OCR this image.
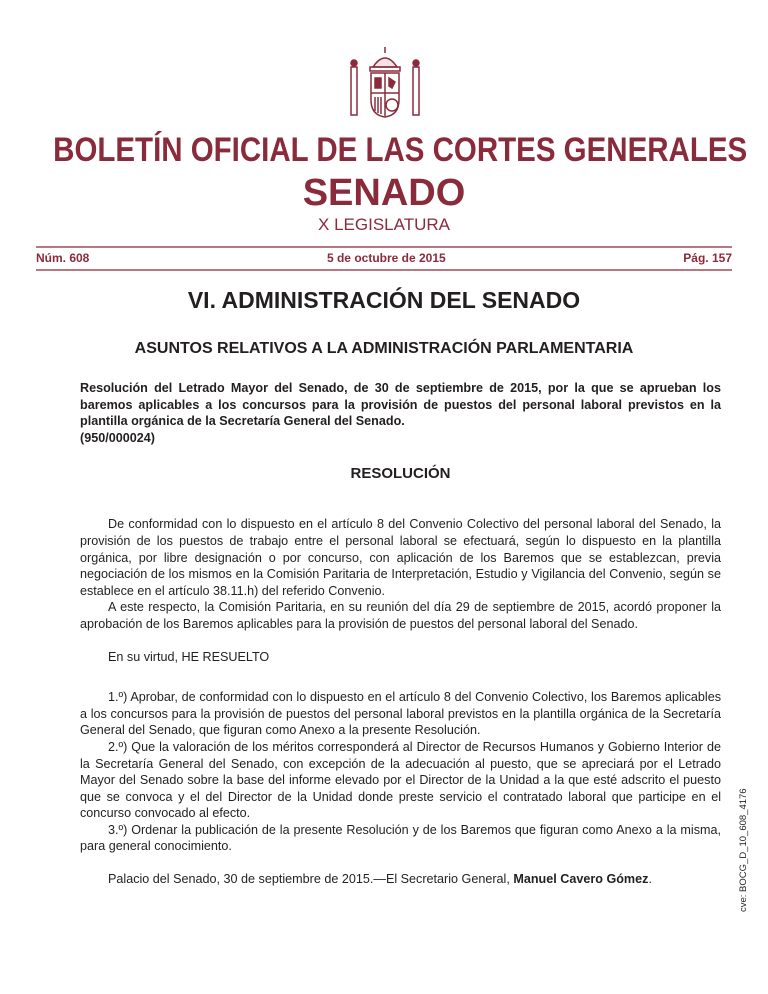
BOLETÍN OFICIAL DE LAS CORTES GENERALES
SENADO
X LEGISLATURA
Núm. 608	5 de octubre de 2015	Pág. 157
VI. ADMINISTRACIÓN DEL SENADO
ASUNTOS RELATIVOS A LA ADMINISTRACIÓN PARLAMENTARIA
Resolución del Letrado Mayor del Senado, de 30 de septiembre de 2015, por la que se aprueban los baremos aplicables a los concursos para la provisión de puestos del personal laboral previstos en la plantilla orgánica de la Secretaría General del Senado.
(950/000024)
RESOLUCIÓN

De conformidad con lo dispuesto en el artículo 8 del Convenio Colectivo del personal laboral del Senado, la provisión de los puestos de trabajo entre el personal laboral se efectuará, según lo dispuesto en la plantilla orgánica, por libre designación o por concurso, con aplicación de los Baremos que se establezcan, previa negociación de los mismos en la Comisión Paritaria de Interpretación, Estudio y Vigilancia del Convenio, según se establece en el artículo 38.11.h) del referido Convenio.

A este respecto, la Comisión Paritaria, en su reunión del día 29 de septiembre de 2015, acordó proponer la aprobación de los Baremos aplicables para la provisión de puestos del personal laboral del Senado.

En su virtud, HE RESUELTO

1.º) Aprobar, de conformidad con lo dispuesto en el artículo 8 del Convenio Colectivo, los Baremos aplicables a los concursos para la provisión de puestos del personal laboral previstos en la plantilla orgánica de la Secretaría General del Senado, que figuran como Anexo a la presente Resolución.

2.º) Que la valoración de los méritos corresponderá al Director de Recursos Humanos y Gobierno Interior de la Secretaría General del Senado, con excepción de la adecuación al puesto, que se apreciará por el Letrado Mayor del Senado sobre la base del informe elevado por el Director de la Unidad a la que esté adscrito el puesto que se convoca y el del Director de la Unidad donde preste servicio el contratado laboral que participe en el concurso convocado al efecto.

3.º) Ordenar la publicación de la presente Resolución y de los Baremos que figuran como Anexo a la misma, para general conocimiento.

Palacio del Senado, 30 de septiembre de 2015.—El Secretario General, Manuel Cavero Gómez.	cve: BOCG_D_10_608_4176
